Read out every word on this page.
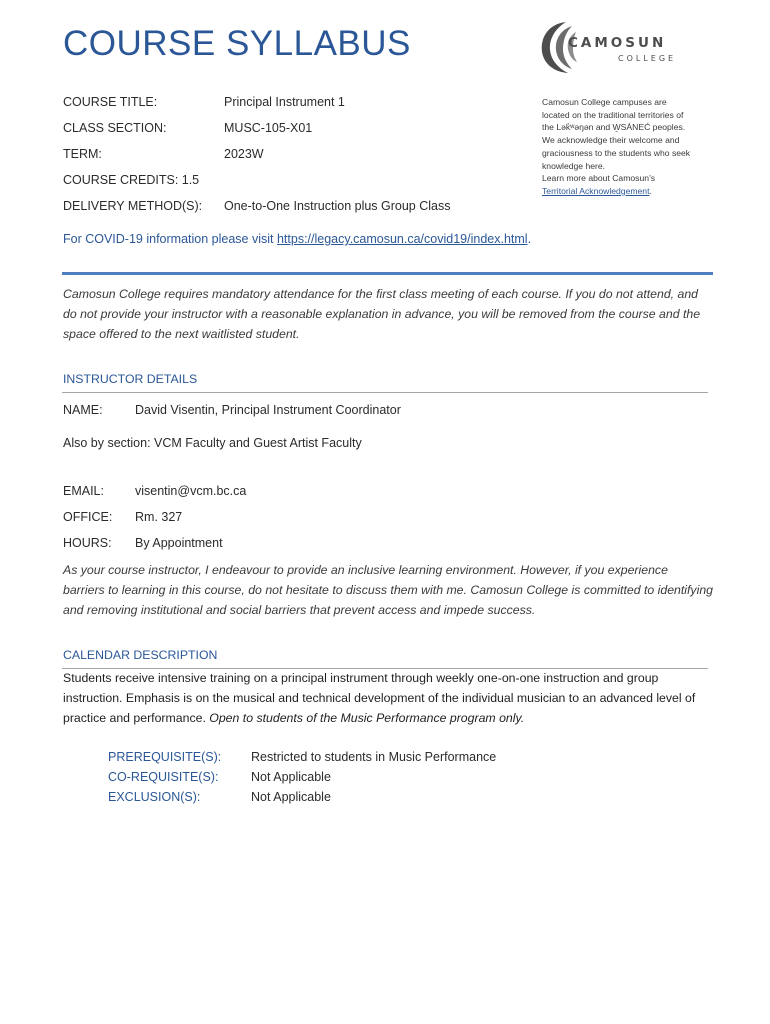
COURSE SYLLABUS	CAMOSUN
COLLEGE
COURSE TITLE:	Principal Instrument 1
CLASS SECTION:	MUSC-105-X01
TERM:	2023W
COURSE CREDITS: 1.5
DELIVERY METHOD(S): One-to-One Instruction plus Group Class
Camosun College campuses are
located on the traditional territories of
the Lək̓ʷəŋən and W̱SÁNEĆ peoples.
We acknowledge their welcome and
graciousness to the students who seek
knowledge here.
Learn more about Camosun’s
Territorial Acknowledgement.
For COVID-19 information please visit https://legacy.camosun.ca/covid19/index.html.
Camosun College requires mandatory attendance for the first class meeting of each course. If you do not attend, and do not provide your instructor with a reasonable explanation in advance, you will be removed from the course and the space offered to the next waitlisted student.
INSTRUCTOR DETAILS
NAME:	David Visentin, Principal Instrument Coordinator
Also by section: VCM Faculty and Guest Artist Faculty
EMAIL: visentin@vcm.bc.ca
OFFICE: Rm. 327
HOURS: By Appointment
As your course instructor, I endeavour to provide an inclusive learning environment. However, if you experience barriers to learning in this course, do not hesitate to discuss them with me. Camosun College is committed to identifying and removing institutional and social barriers that prevent access and impede success.
CALENDAR DESCRIPTION
Students receive intensive training on a principal instrument through weekly one-on-one instruction and group instruction. Emphasis is on the musical and technical development of the individual musician to an advanced level of practice and performance. Open to students of the Music Performance program only.
PREREQUISITE(S): Restricted to students in Music Performance
CO-REQUISITE(S):	Not Applicable
EXCLUSION(S):	Not Applicable
